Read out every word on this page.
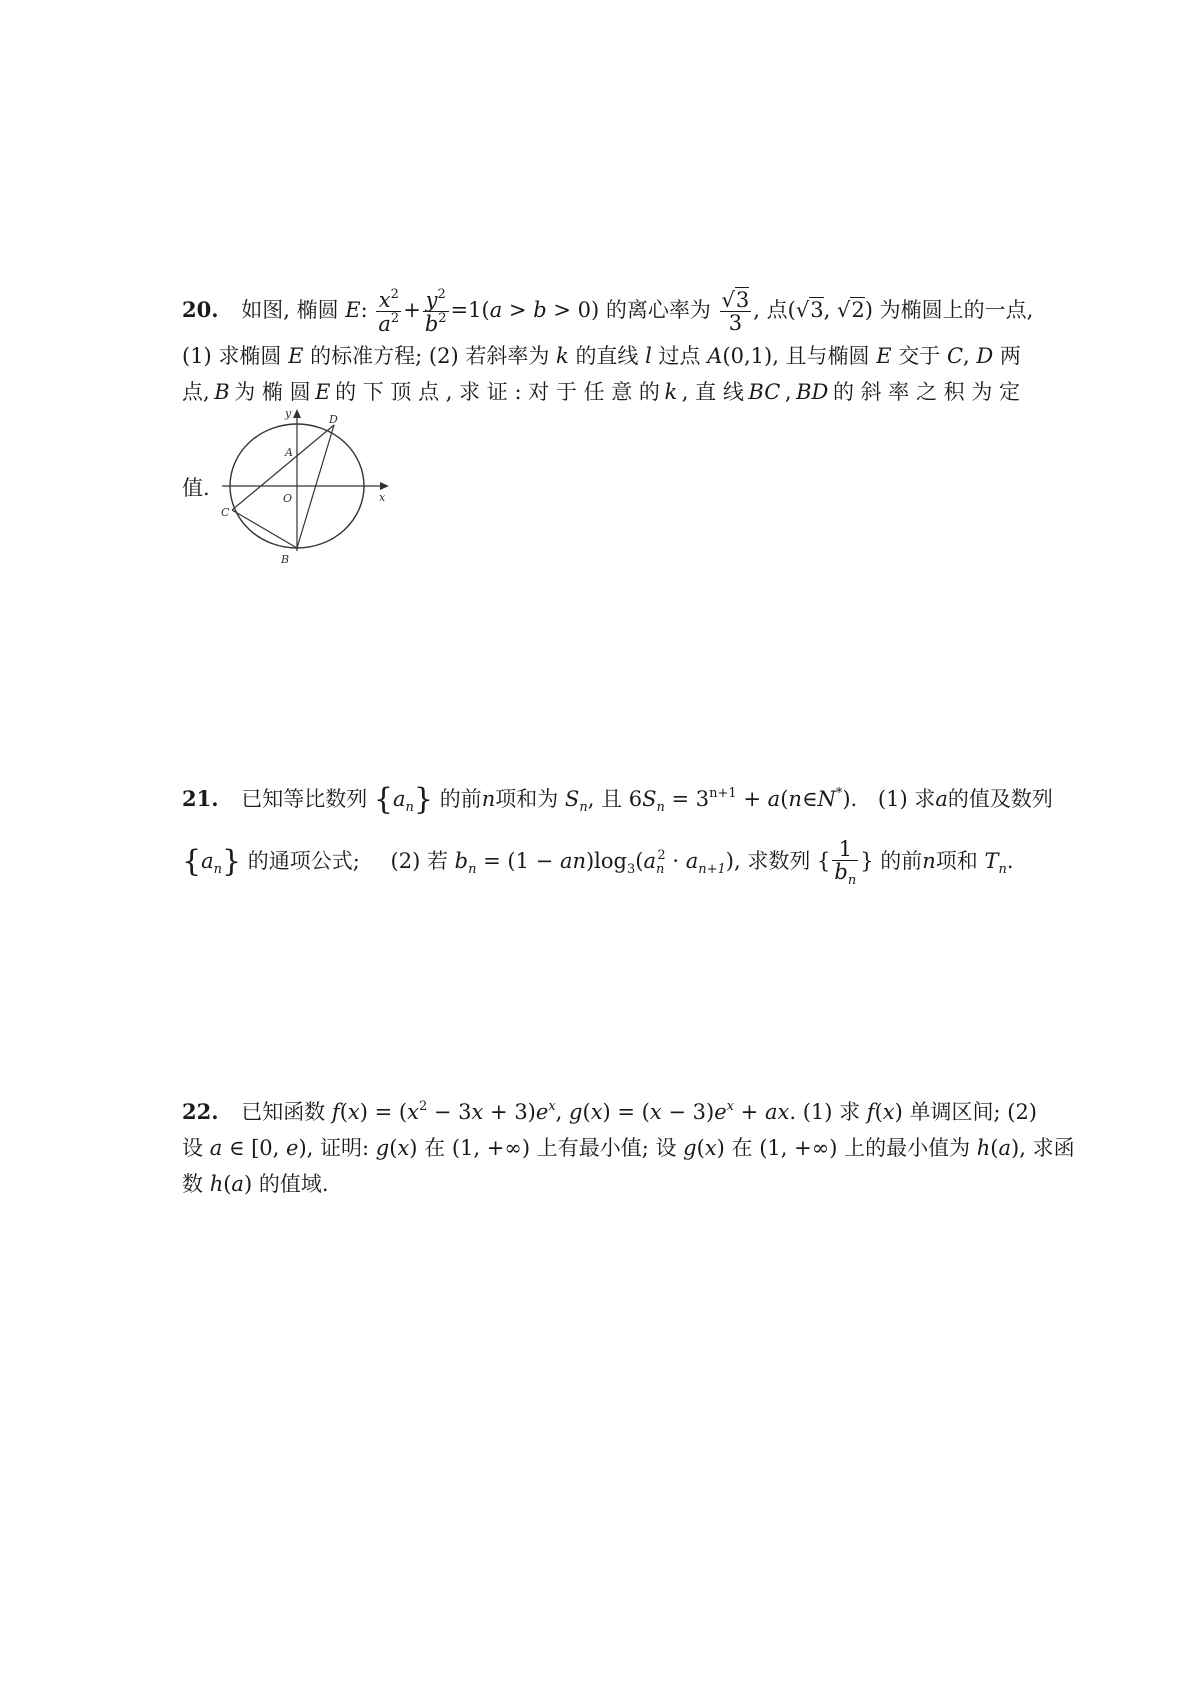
20. 如图, 椭圆 E: $\frac{x^2}{a^2} + \frac{y^2}{b^2} =1(a > b > 0)$ 的离心率为 $\frac{√3}{3}$ , 点(√3, √2) 为椭圆上的一点,
(1) 求椭圆 E 的标准方程; (2) 若斜率为 k 的直线 l 过点 A(0,1), 且与椭圆 E 交于 C, D 两
点, B 为 椭 圆 E 的 下 顶 点 , 求 证 : 对 于 任 意 的 k , 直 线 BC , BD 的 斜 率 之 积 为 定
值.
y	D
A
O	x
C
B
21. 已知等比数列 $\{a_n\}$ 的前n项和为 $S_n$, 且 $6S_n = 3^{n+1}$ + a(n∈N*). (1) 求a的值及数列
$\{a_n\}$ 的通项公式; (2) 若 $b_n = (1 - an)\log_3(a_n^2 \cdot a_{n+1})$, 求数列 { $\frac{1}{b_n}$ } 的前n项和 $T_n$.
22. 已知函数 $f(x) = (x^2 - 3x + 3)e^x$, $g(x) = (x - 3)e^x$ + ax. (1) 求 f(x) 单调区间; (2)
设 a ∈ [0, e), 证明: g(x) 在 (1, +∞) 上有最小值; 设 g(x) 在 (1, +∞) 上的最小值为 h(a), 求函
数 h(a) 的值域.
